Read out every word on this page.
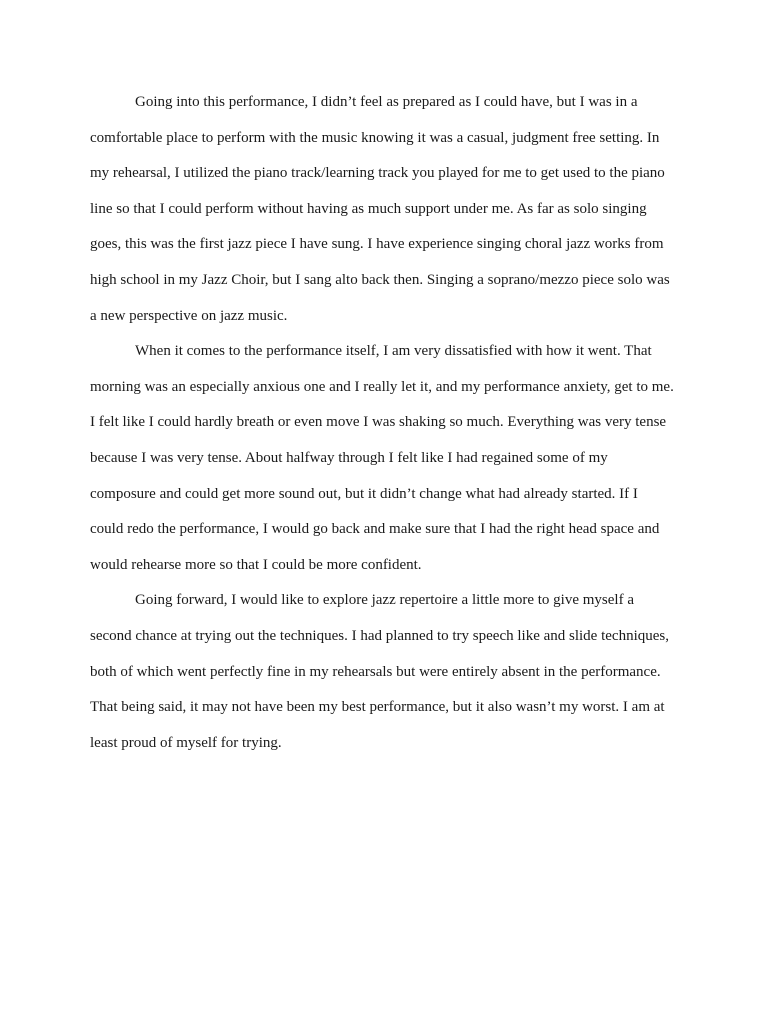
Going into this performance, I didn’t feel as prepared as I could have, but I was in a
comfortable place to perform with the music knowing it was a casual, judgment free setting. In
my rehearsal, I utilized the piano track/learning track you played for me to get used to the piano
line so that I could perform without having as much support under me. As far as solo singing
goes, this was the first jazz piece I have sung. I have experience singing choral jazz works from
high school in my Jazz Choir, but I sang alto back then. Singing a soprano/mezzo piece solo was
a new perspective on jazz music.

When it comes to the performance itself, I am very dissatisfied with how it went. That
morning was an especially anxious one and I really let it, and my performance anxiety, get to me.
I felt like I could hardly breath or even move I was shaking so much. Everything was very tense
because I was very tense. About halfway through I felt like I had regained some of my
composure and could get more sound out, but it didn’t change what had already started. If I
could redo the performance, I would go back and make sure that I had the right head space and
would rehearse more so that I could be more confident.

Going forward, I would like to explore jazz repertoire a little more to give myself a
second chance at trying out the techniques. I had planned to try speech like and slide techniques,
both of which went perfectly fine in my rehearsals but were entirely absent in the performance.
That being said, it may not have been my best performance, but it also wasn’t my worst. I am at
least proud of myself for trying.
